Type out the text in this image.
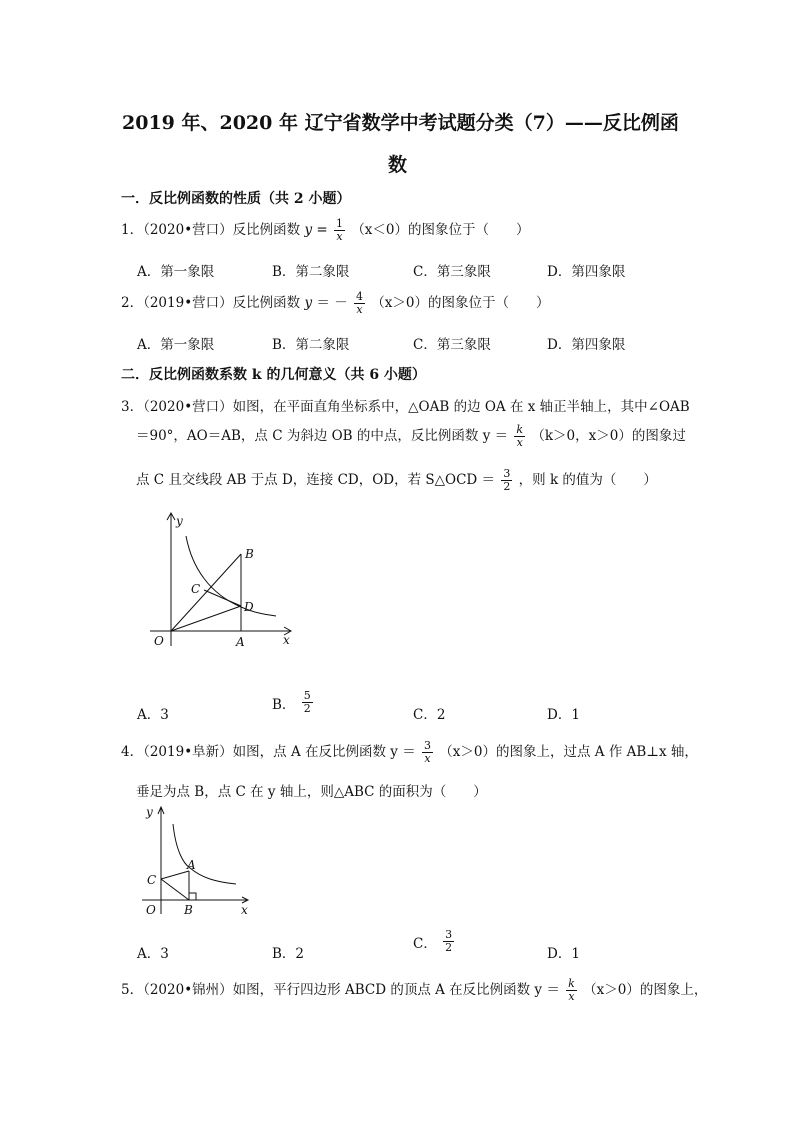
2019 年、2020 年 辽宁省数学中考试题分类（7）——反比例函
数
一．反比例函数的性质（共 2 小题）
1．（2020•营口）反比例函数 $y = \frac{1}{x} (x<0)$的图象位于（　　）
A．第一象限	B．第二象限	C．第三象限	D．第四象限
2．（2019•营口）反比例函数 y ＝ － $\frac{4}{x} (x>0)$的图象位于（　　）
A．第一象限	B．第二象限	C．第三象限	D．第四象限
二．反比例函数系数 k 的几何意义（共 6 小题）
3．（2020•营口）如图，在平面直角坐标系中，△OAB 的边 OA 在 x 轴正半轴上，其中∠OAB
＝90°，AO＝AB，点 C 为斜边 OB 的中点，反比例函数 $y = \frac{k}{x} (k>0$，x＞0）的图象过
点 C 且交线段 AB 于点 D，连接 CD，OD，若 S△OCD ＝ $\frac{3}{2}$ ，则 k 的值为（　　）
y
x
O	A
B
C
D
A．3
B． $\frac{5}{2}$	C．2	D．1
4．（2019•阜新）如图，点 A 在反比例函数 $y = \frac{3}{x} (x>0)$的图象上，过点 A 作 AB⊥x 轴，
垂足为点 B，点 C 在 y 轴上，则△ABC 的面积为（　　）
y
x
O B
A
C
A．3	B．2
C． $\frac{3}{2}$	D．1
5．（2020•锦州）如图，平行四边形 ABCD 的顶点 A 在反比例函数 $y = \frac{k}{x} (x>0)$的图象上，
